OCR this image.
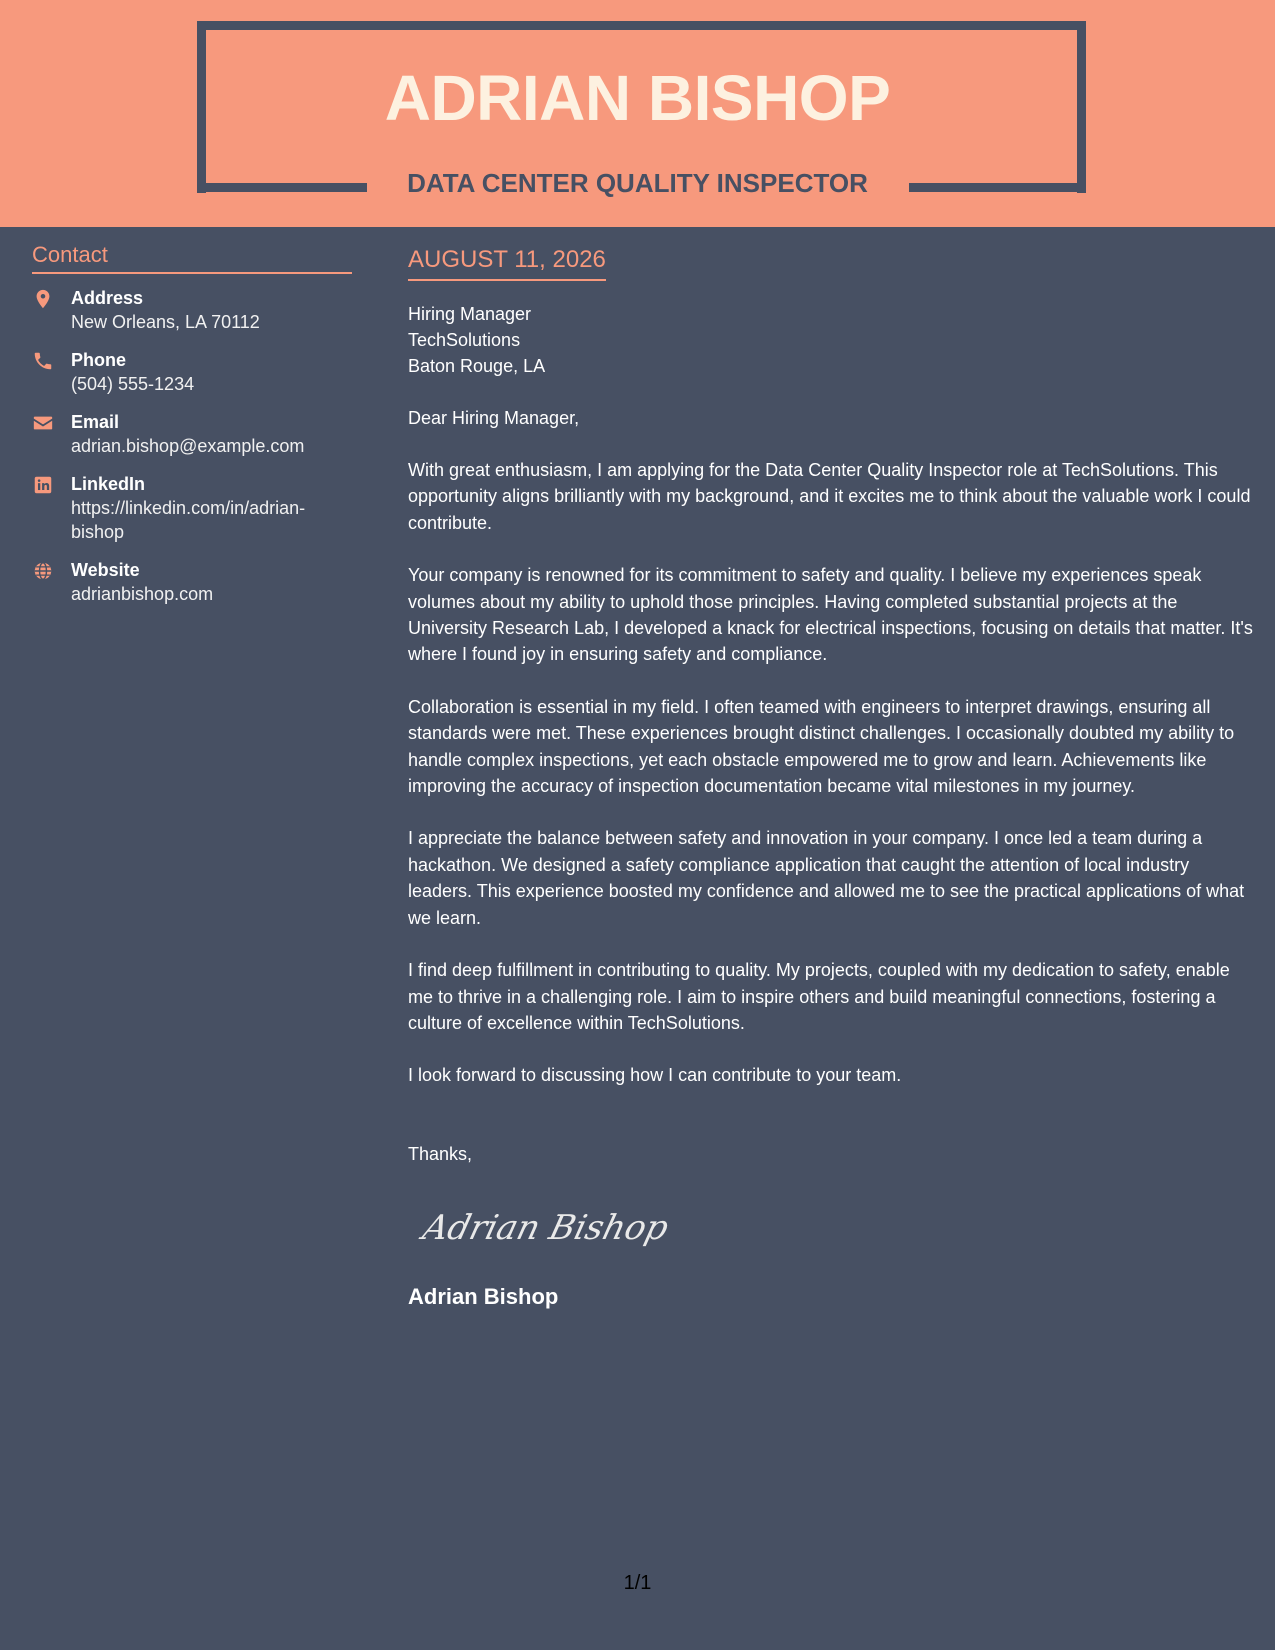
ADRIAN BISHOP
DATA CENTER QUALITY INSPECTOR
Contact
Address
New Orleans, LA 70112
Phone
(504) 555-1234
Email
adrian.bishop@example.com
LinkedIn
https://linkedin.com/in/adrian-bishop
Website
adrianbishop.com
AUGUST 11, 2026
Hiring Manager
TechSolutions
Baton Rouge, LA
Dear Hiring Manager,
With great enthusiasm, I am applying for the Data Center Quality Inspector role at TechSolutions. This opportunity aligns brilliantly with my background, and it excites me to think about the valuable work I could contribute.
Your company is renowned for its commitment to safety and quality. I believe my experiences speak volumes about my ability to uphold those principles. Having completed substantial projects at the University Research Lab, I developed a knack for electrical inspections, focusing on details that matter. It's where I found joy in ensuring safety and compliance.
Collaboration is essential in my field. I often teamed with engineers to interpret drawings, ensuring all standards were met. These experiences brought distinct challenges. I occasionally doubted my ability to handle complex inspections, yet each obstacle empowered me to grow and learn. Achievements like improving the accuracy of inspection documentation became vital milestones in my journey.
I appreciate the balance between safety and innovation in your company. I once led a team during a hackathon. We designed a safety compliance application that caught the attention of local industry leaders. This experience boosted my confidence and allowed me to see the practical applications of what we learn.
I find deep fulfillment in contributing to quality. My projects, coupled with my dedication to safety, enable me to thrive in a challenging role. I aim to inspire others and build meaningful connections, fostering a culture of excellence within TechSolutions.
I look forward to discussing how I can contribute to your team.
Thanks,
Adrian Bishop
Adrian Bishop
1/1
